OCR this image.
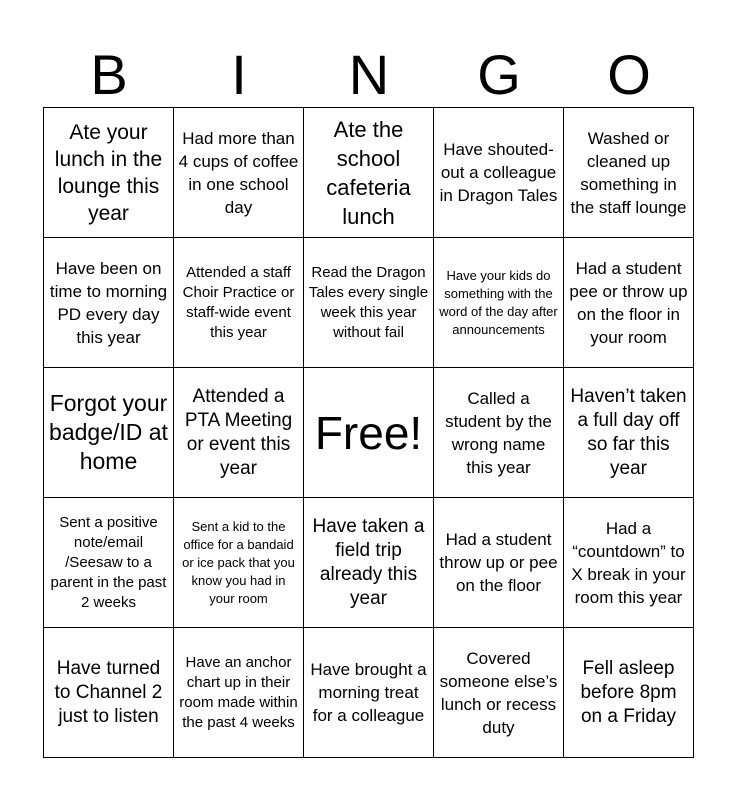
B	I	N	G	O
Ate your lunch in the lounge this year	Had more than 4 cups of coffee in one school day	Ate the school cafeteria lunch	Have shouted-out a colleague in Dragon Tales	Washed or cleaned up something in the staff lounge
Have been on time to morning PD every day this year	Attended a staff Choir Practice or staff-wide event this year	Read the Dragon Tales every single week this year without fail	Have your kids do something with the word of the day after announcements	Had a student pee or throw up on the floor in your room
Forgot your badge/ID at home	Attended a PTA Meeting or event this year	Free!	Called a student by the wrong name this year	Haven’t taken a full day off so far this year
Sent a positive note/email /Seesaw to a parent in the past 2 weeks	Sent a kid to the office for a bandaid or ice pack that you know you had in your room	Have taken a field trip already this year	Had a student throw up or pee on the floor	Had a “countdown” to X break in your room this year
Have turned to Channel 2 just to listen	Have an anchor chart up in their room made within the past 4 weeks	Have brought a morning treat for a colleague	Covered someone else’s lunch or recess duty	Fell asleep before 8pm on a Friday
